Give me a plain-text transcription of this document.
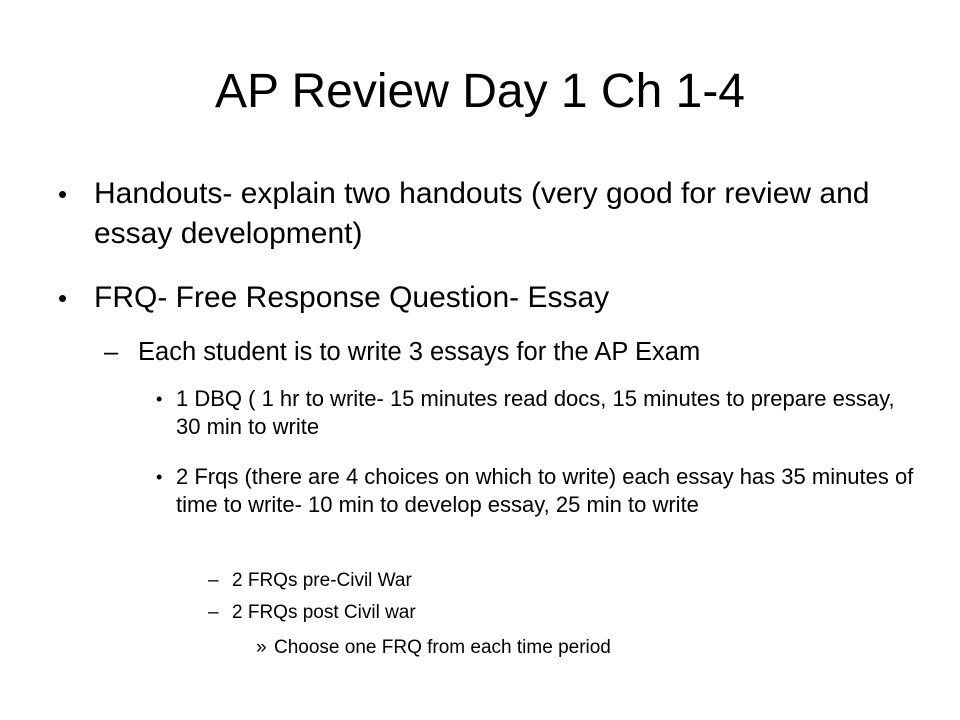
AP Review Day 1 Ch 1-4
• Handouts- explain two handouts (very good for review and essay development)
• FRQ- Free Response Question- Essay
– Each student is to write 3 essays for the AP Exam
• 1 DBQ ( 1 hr to write- 15 minutes read docs, 15 minutes to prepare essay, 30 min to write
• 2 Frqs (there are 4 choices on which to write) each essay has 35 minutes of time to write- 10 min to develop essay, 25 min to write
– 2 FRQs pre-Civil War
– 2 FRQs post Civil war
» Choose one FRQ from each time period
